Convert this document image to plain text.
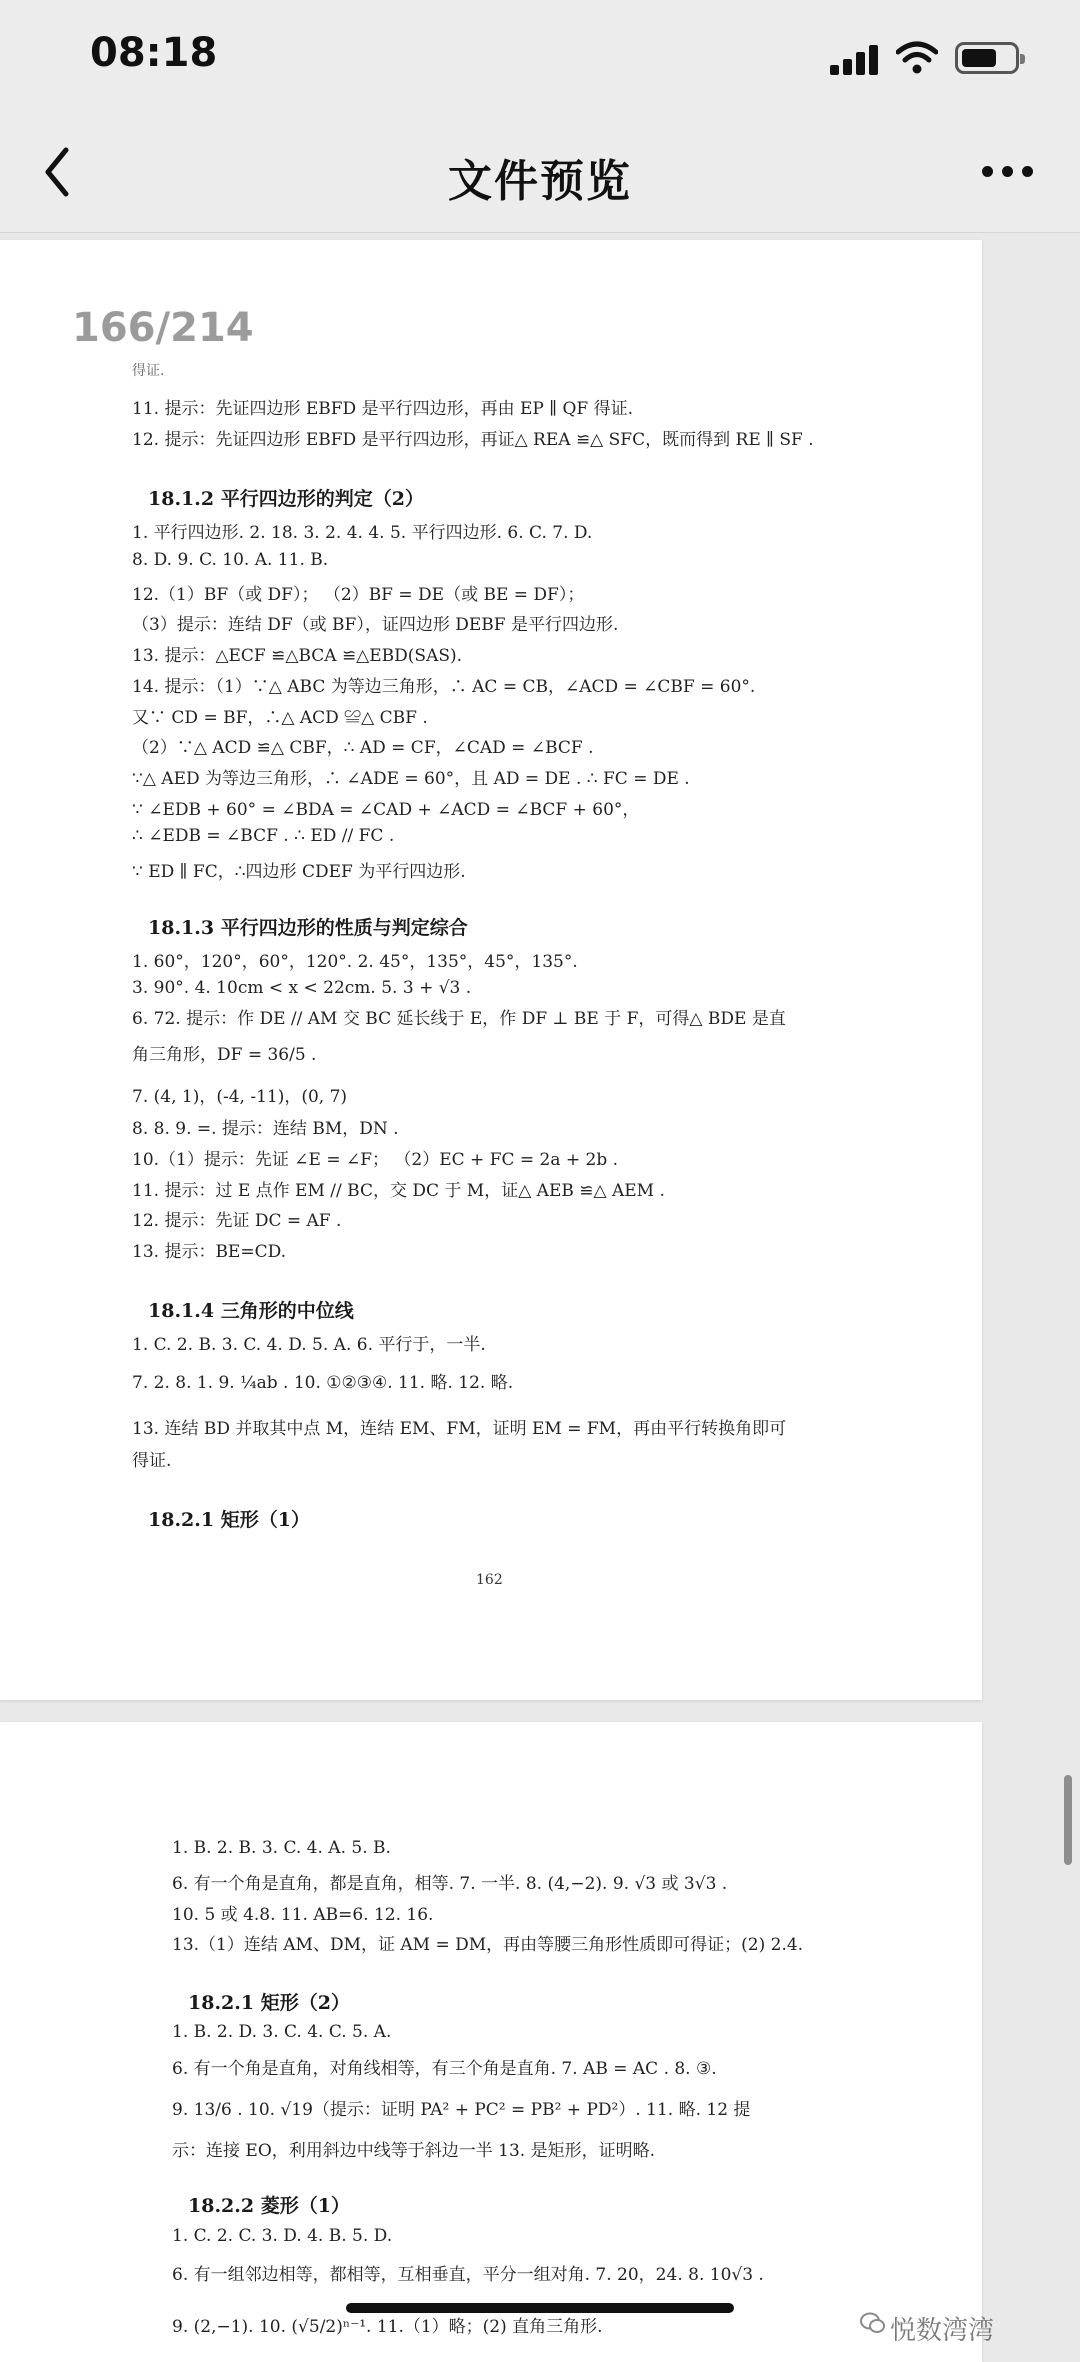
08:18
文件预览
166/214
得证.
11. 提示：先证四边形 EBFD 是平行四边形，再由 EP ∥ QF 得证.
12. 提示：先证四边形 EBFD 是平行四边形，再证△ REA ≌△ SFC，既而得到 RE ∥ SF .
18.1.2 平行四边形的判定（2）
1. 平行四边形. 2. 18. 3. 2. 4. 4. 5. 平行四边形. 6. C. 7. D.
8. D. 9. C. 10. A. 11. B.
12.（1）BF（或 DF）； （2）BF = DE（或 BE = DF）；
（3）提示：连结 DF（或 BF），证四边形 DEBF 是平行四边形.
13. 提示：△ECF ≌△BCA ≌△EBD(SAS).
14. 提示：（1）∵△ ABC 为等边三角形，∴ AC = CB，∠ACD = ∠CBF = 60°.
又∵ CD = BF，∴△ ACD ≌△ CBF .
（2）∵△ ACD ≌△ CBF，∴ AD = CF，∠CAD = ∠BCF .
∵△ AED 为等边三角形，∴ ∠ADE = 60°，且 AD = DE . ∴ FC = DE .
∵ ∠EDB + 60° = ∠BDA = ∠CAD + ∠ACD = ∠BCF + 60°，
∴ ∠EDB = ∠BCF . ∴ ED // FC .
∵ ED ∥ FC，∴四边形 CDEF 为平行四边形.
18.1.3 平行四边形的性质与判定综合
1. 60°，120°，60°，120°. 2. 45°，135°，45°，135°.
3. 90°. 4. 10cm < x < 22cm. 5. 3 + √3 .
6. 72. 提示：作 DE // AM 交 BC 延长线于 E，作 DF ⊥ BE 于 F，可得△ BDE 是直
角三角形，DF = 36/5 .
7. (4, 1)，(-4, -11)，(0, 7)
8. 8. 9. =. 提示：连结 BM，DN .
10.（1）提示：先证 ∠E = ∠F； （2）EC + FC = 2a + 2b .
11. 提示：过 E 点作 EM // BC，交 DC 于 M，证△ AEB ≌△ AEM .
12. 提示：先证 DC = AF .
13. 提示：BE=CD.
18.1.4 三角形的中位线
1. C. 2. B. 3. C. 4. D. 5. A. 6. 平行于，一半.
7. 2. 8. 1. 9. ¼ab . 10. ①②③④. 11. 略. 12. 略.
13. 连结 BD 并取其中点 M，连结 EM、FM，证明 EM = FM，再由平行转换角即可
得证.
18.2.1 矩形（1）
162
1. B. 2. B. 3. C. 4. A. 5. B.
6. 有一个角是直角，都是直角，相等. 7. 一半. 8. (4,−2). 9. √3 或 3√3 .
10. 5 或 4.8. 11. AB=6. 12. 16.
13.（1）连结 AM、DM，证 AM = DM，再由等腰三角形性质即可得证；(2) 2.4.
18.2.1 矩形（2）
1. B. 2. D. 3. C. 4. C. 5. A.
6. 有一个角是直角，对角线相等，有三个角是直角. 7. AB = AC . 8. ③.
9. 13/6 . 10. √19（提示：证明 PA² + PC² = PB² + PD²）. 11. 略. 12 提
示：连接 EO，利用斜边中线等于斜边一半 13. 是矩形，证明略.
18.2.2 菱形（1）
1. C. 2. C. 3. D. 4. B. 5. D.
6. 有一组邻边相等，都相等，互相垂直，平分一组对角. 7. 20，24. 8. 10√3 .
9. (2,−1). 10. (√5/2)ⁿ⁻¹. 11.（1）略；(2) 直角三角形.	悦数湾湾
